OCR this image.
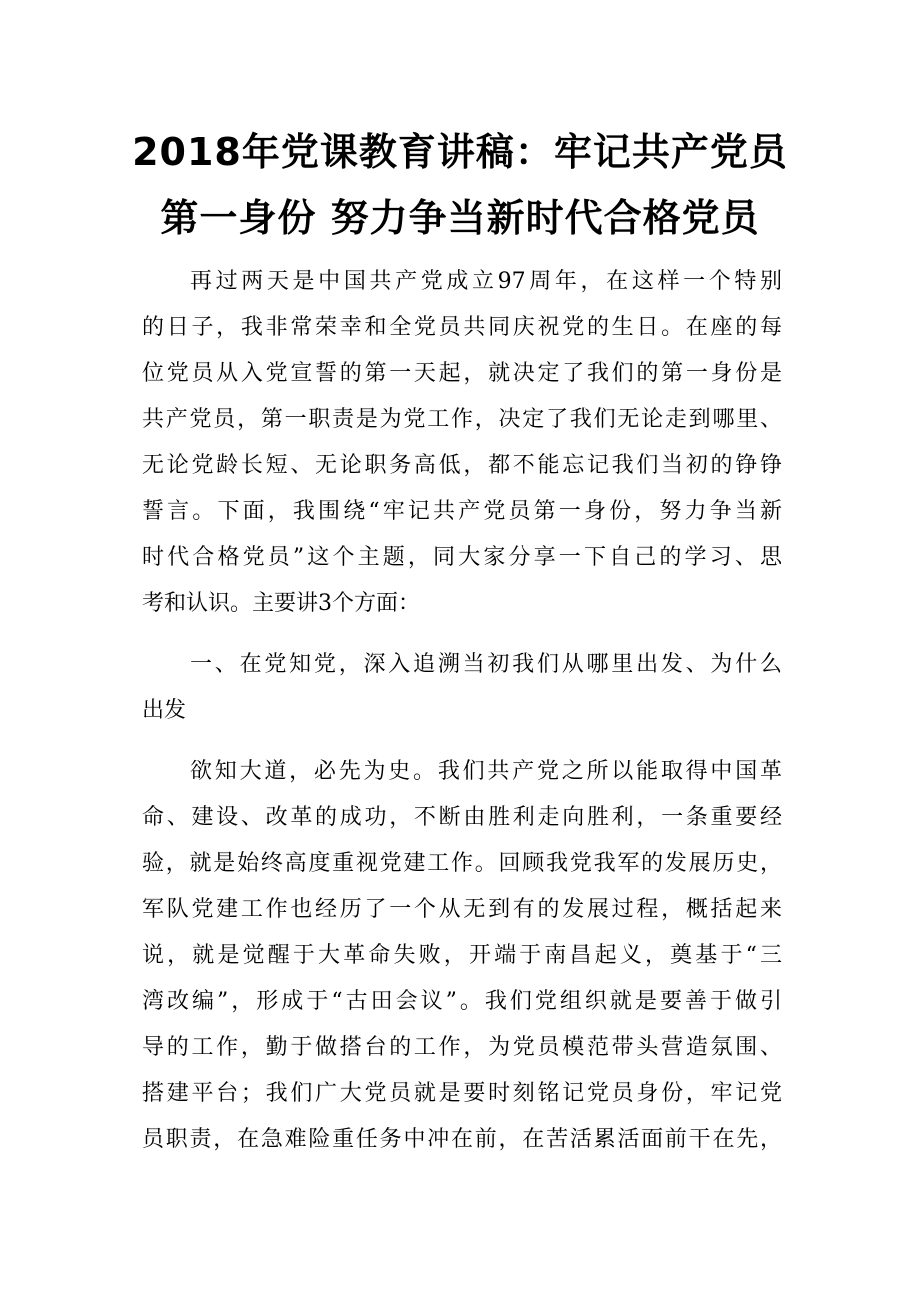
2018年党课教育讲稿：牢记共产党员
第一身份 努力争当新时代合格党员
再过两天是中国共产党成立97周年，在这样一个特别
的日子，我非常荣幸和全党员共同庆祝党的生日。在座的每
位党员从入党宣誓的第一天起，就决定了我们的第一身份是
共产党员，第一职责是为党工作，决定了我们无论走到哪里、
无论党龄长短、无论职务高低，都不能忘记我们当初的铮铮
誓言。下面，我围绕“牢记共产党员第一身份，努力争当新
时代合格党员”这个主题，同大家分享一下自己的学习、思
考和认识。主要讲3个方面：
一、在党知党，深入追溯当初我们从哪里出发、为什么
出发
欲知大道，必先为史。我们共产党之所以能取得中国革
命、建设、改革的成功，不断由胜利走向胜利，一条重要经
验，就是始终高度重视党建工作。回顾我党我军的发展历史，
军队党建工作也经历了一个从无到有的发展过程，概括起来
说，就是觉醒于大革命失败，开端于南昌起义，奠基于“三
湾改编”，形成于“古田会议”。我们党组织就是要善于做引
导的工作，勤于做搭台的工作，为党员模范带头营造氛围、
搭建平台；我们广大党员就是要时刻铭记党员身份，牢记党
员职责，在急难险重任务中冲在前，在苦活累活面前干在先，
